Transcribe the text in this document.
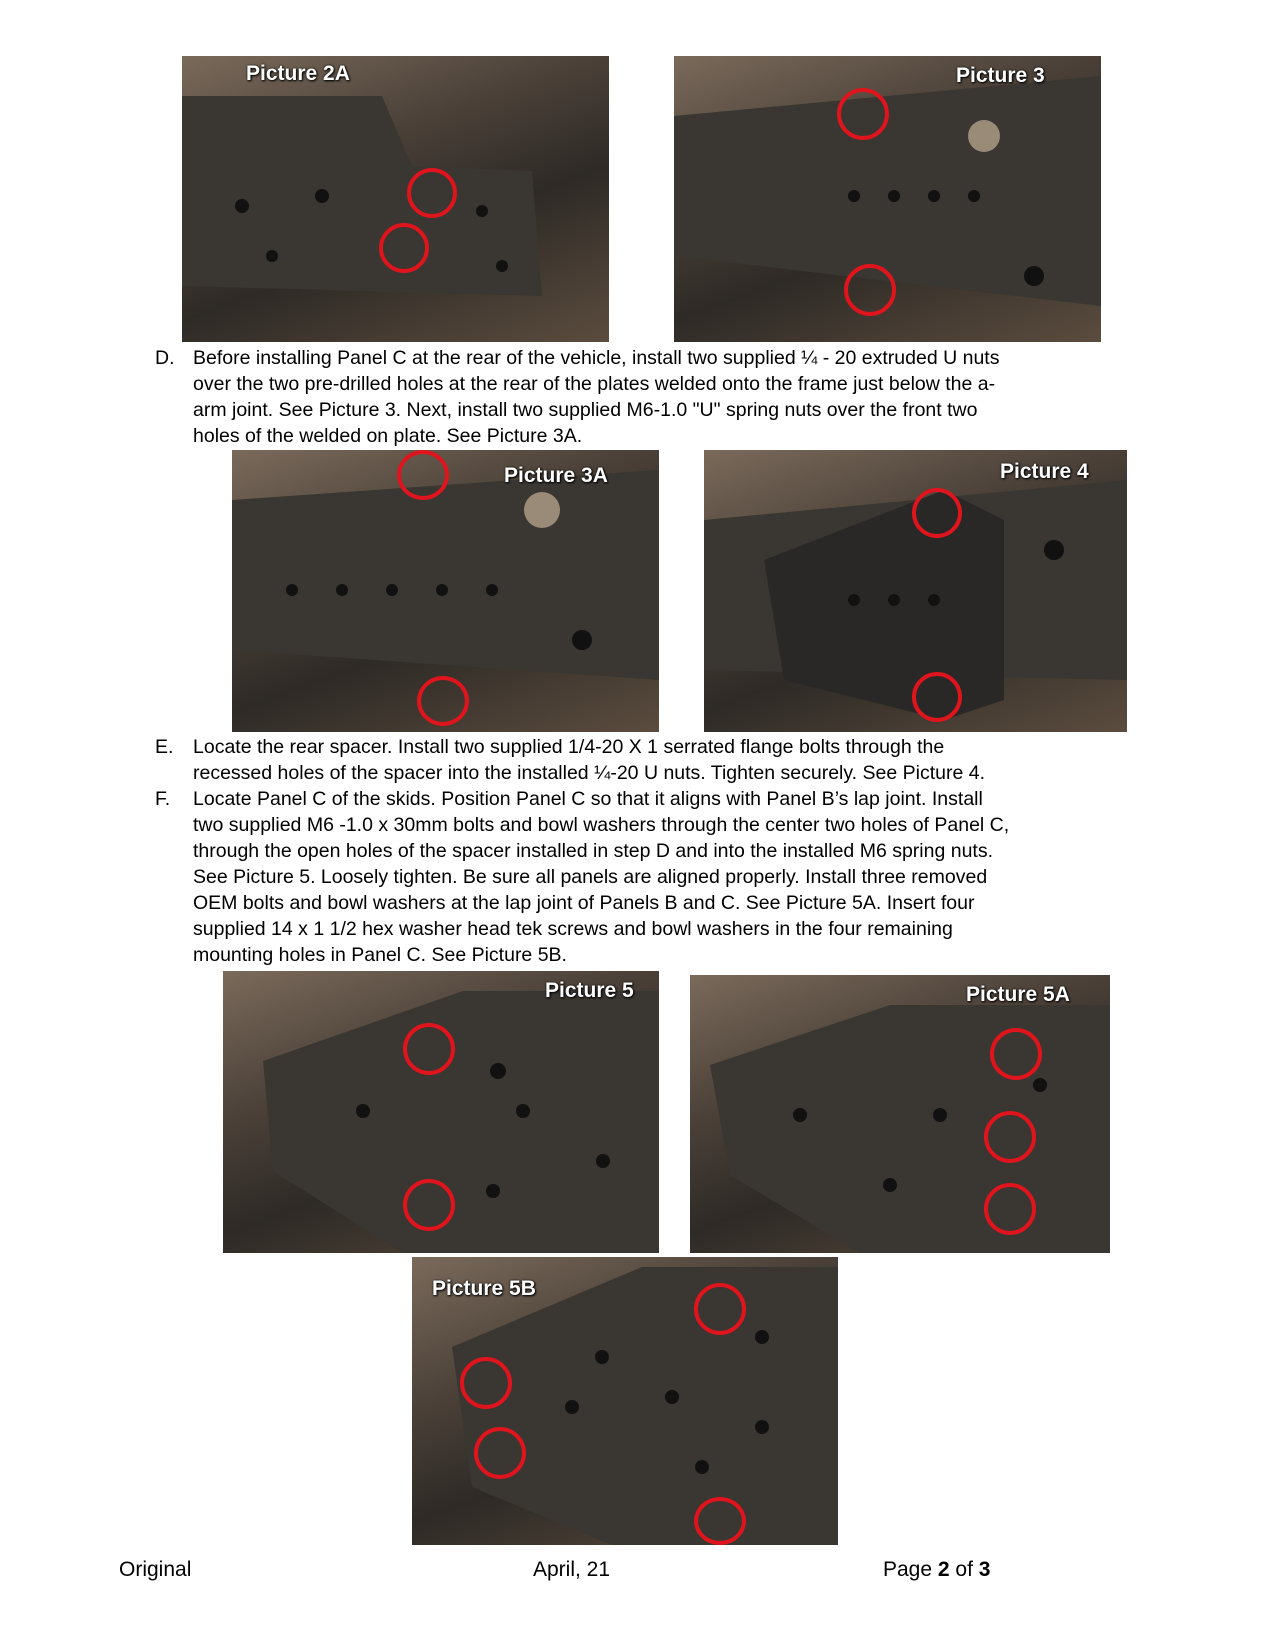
Picture 2A	Picture 3
D. Before installing Panel C at the rear of the vehicle, install two supplied ¼ - 20 extruded U nuts

over the two pre-drilled holes at the rear of the plates welded onto the frame just below the a-

arm joint. See Picture 3. Next, install two supplied M6-1.0 "U" spring nuts over the front two

holes of the welded on plate. See Picture 3A.

Picture 3A	Picture 4
E. Locate the rear spacer. Install two supplied 1/4-20 X 1 serrated flange bolts through the

recessed holes of the spacer into the installed ¼-20 U nuts. Tighten securely. See Picture 4.

F. Locate Panel C of the skids. Position Panel C so that it aligns with Panel B’s lap joint. Install

two supplied M6 -1.0 x 30mm bolts and bowl washers through the center two holes of Panel C,

through the open holes of the spacer installed in step D and into the installed M6 spring nuts.

See Picture 5. Loosely tighten. Be sure all panels are aligned properly. Install three removed

OEM bolts and bowl washers at the lap joint of Panels B and C. See Picture 5A. Insert four

supplied 14 x 1 1/2 hex washer head tek screws and bowl washers in the four remaining

mounting holes in Panel C. See Picture 5B.

Picture 5	Picture 5A
Picture 5B
Original	April, 21	Page 2 of 3
